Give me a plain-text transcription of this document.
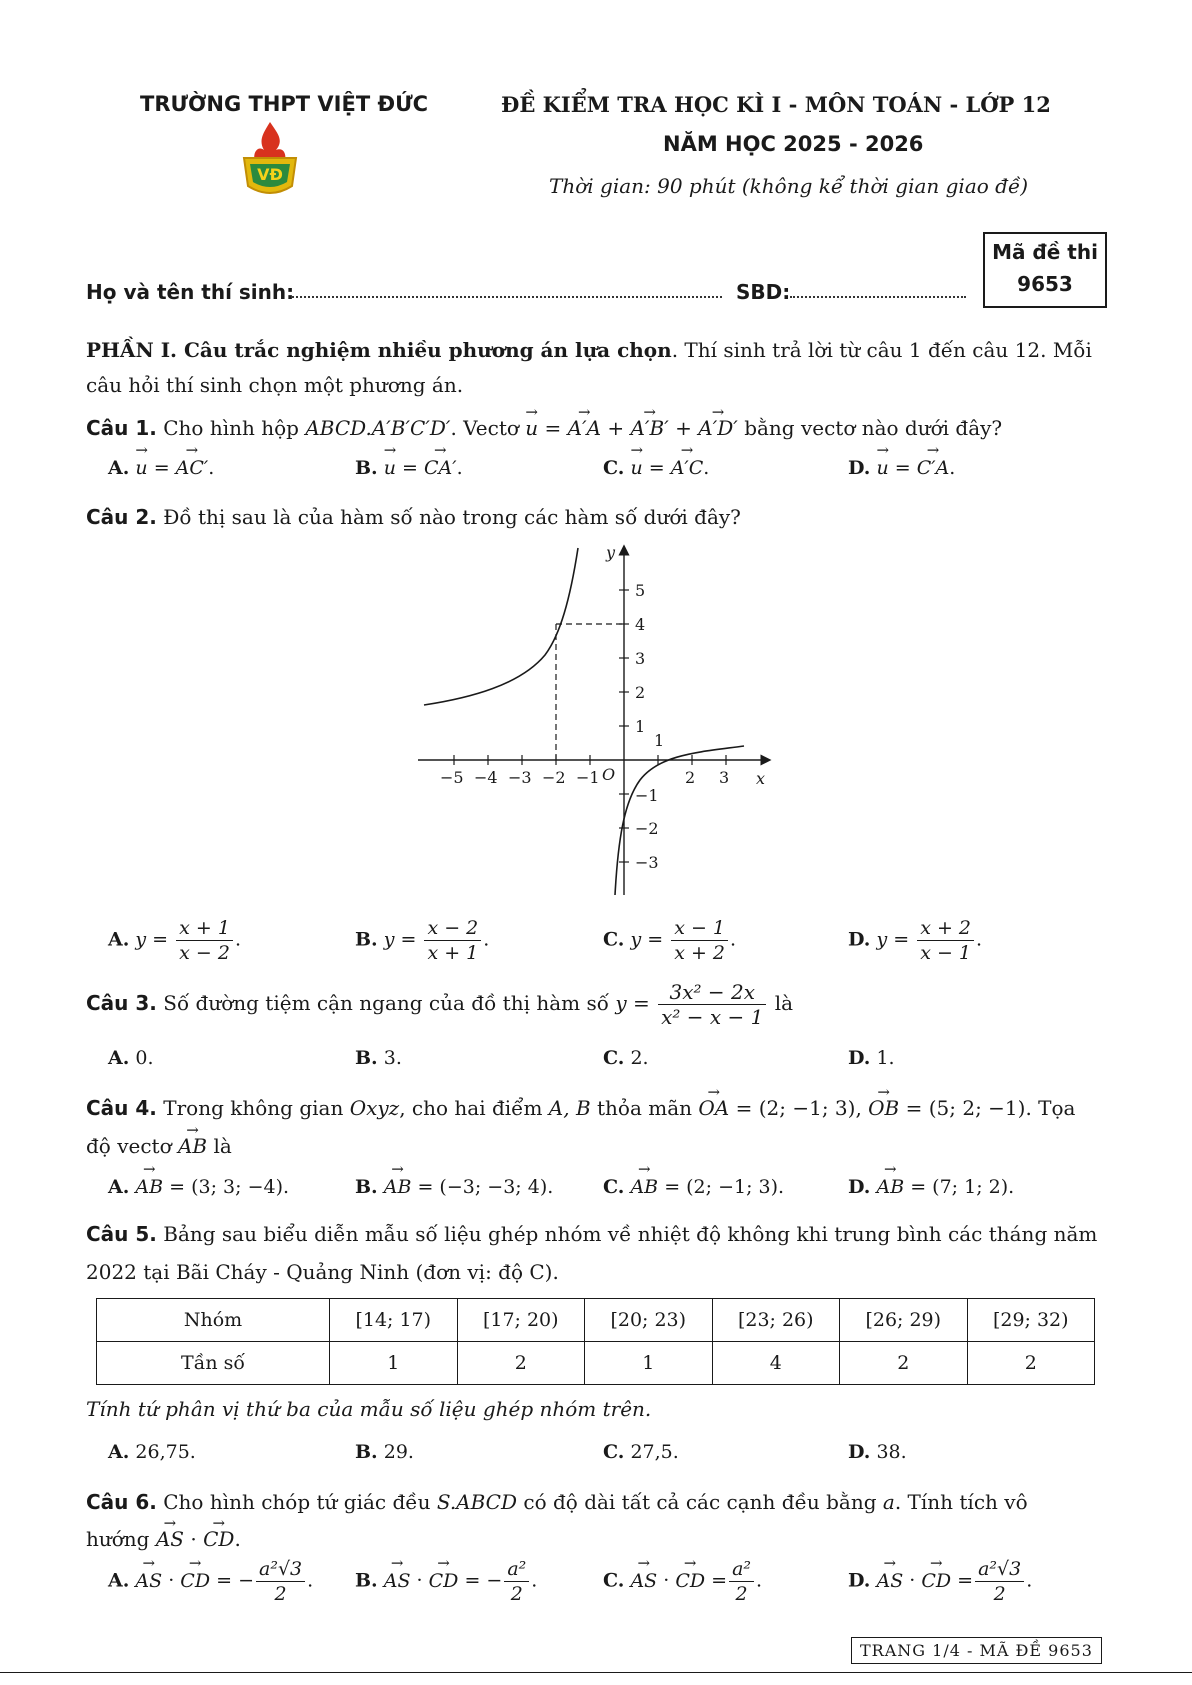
TRƯỜNG THPT VIỆT ĐỨC
VĐ
ĐỀ KIỂM TRA HỌC KÌ I - MÔN TOÁN - LỚP 12
NĂM HỌC 2025 - 2026
Thời gian: 90 phút (không kể thời gian giao đề)
Mã đề thi
9653
Họ và tên thí sinh:	SBD:
PHẦN I. Câu trắc nghiệm nhiều phương án lựa chọn. Thí sinh trả lời từ câu 1 đến câu 12. Mỗi
câu hỏi thí sinh chọn một phương án.
Câu 1. Cho hình hộp ABCD.A′B′C′D′. Vectơ → u = → A′A + → A′B′ + → A′D′ bằng vectơ nào dưới đây?
A. → u = → AC′.	B. → u = → CA′.	C. → u = → A′C.	D. → u = → C′A.
Câu 2. Đồ thị sau là của hàm số nào trong các hàm số dưới đây?
x
y
O
−5 −4 −3 −2 −1	2 3
5
4
3
2
1
−1
−2
−3
1
A. $y = \frac{x + 1}{x - 2}$ .	B. $y = \frac{x - 2}{x + 1}$ .	C. $y = \frac{x - 1}{x + 2}$ .	D. $y = \frac{x + 2}{x - 1}$ .
Câu 3. Số đường tiệm cận ngang của đồ thị hàm số $y = \frac{\text{3x² − 2x}}{\text{x² − x − 1}}$ là
A. 0.	B. 3.	C. 2.	D. 1.
Câu 4. Trong không gian Oxyz, cho hai điểm A, B thỏa mãn → OA = (2; −1; 3), → OB = (5; 2; −1). Tọa
độ vectơ → AB là
A. → AB = (3; 3; −4).	B. → AB = (−3; −3; 4).	C. → AB = (2; −1; 3).	D. → AB = (7; 1; 2).
Câu 5. Bảng sau biểu diễn mẫu số liệu ghép nhóm về nhiệt độ không khi trung bình các tháng năm
2022 tại Bãi Cháy - Quảng Ninh (đơn vị: độ C).
Nhóm	[14; 17)	[17; 20)	[20; 23)	[23; 26)	[26; 29)	[29; 32)
Tần số	1	2	1	4	2	2
Tính tứ phân vị thứ ba của mẫu số liệu ghép nhóm trên.
A. 26,75.	B. 29.	C. 27,5.	D. 38.
Câu 6. Cho hình chóp tứ giác đều S.ABCD có độ dài tất cả các cạnh đều bằng a. Tính tích vô
hướng → AS · → CD.
A. → AS · → CD = − $\frac{\text{a²√3}}{2}$ . B. → AS · → CD = − $\frac{\text{a²}}{2}$ .	C. → AS · → CD = $\frac{\text{a²}}{2}$ .	D. → AS · → CD = $\frac{\text{a²√3}}{2}$ .
TRANG 1/4 - MÃ ĐỀ 9653
